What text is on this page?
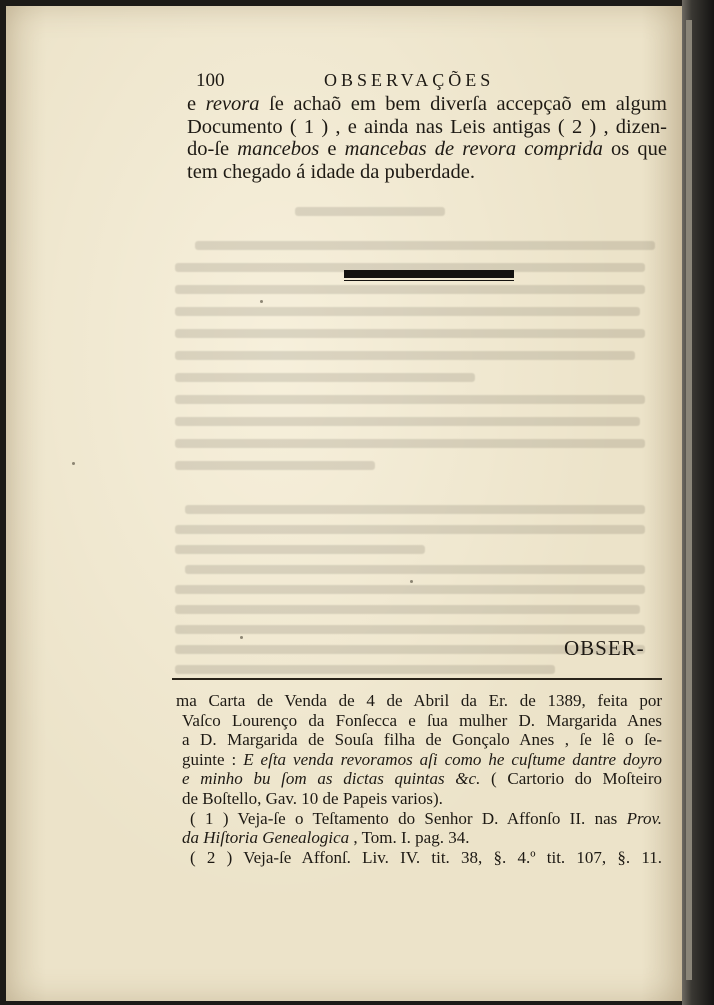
100	OBSERVAÇÕES
e revora ſe achaõ em bem diverſa accepçaõ em algum
Documento ( 1 ) , e ainda nas Leis antigas ( 2 ) , dizen-
do-ſe mancebos e mancebas de revora comprida os que
tem chegado á idade da puberdade.
OBSER-
ma Carta de Venda de 4 de Abril da Er. de 1389, feita por
Vaſco Lourenço da Fonſecca e ſua mulher D. Margarida Anes
a D. Margarida de Souſa filha de Gonçalo Anes , ſe lê o ſe-
guinte : E eſta venda revoramos aſi como he cuſtume dantre doyro
e minho bu ſom as dictas quintas &c. ( Cartorio do Moſteiro
de Boſtello, Gav. 10 de Papeis varios).
( 1 ) Veja-ſe o Teſtamento do Senhor D. Affonſo II. nas Prov.
da Hiſtoria Genealogica , Tom. I. pag. 34.
( 2 ) Veja-ſe Affonſ. Liv. IV. tit. 38, §. 4.º tit. 107, §. 11.
